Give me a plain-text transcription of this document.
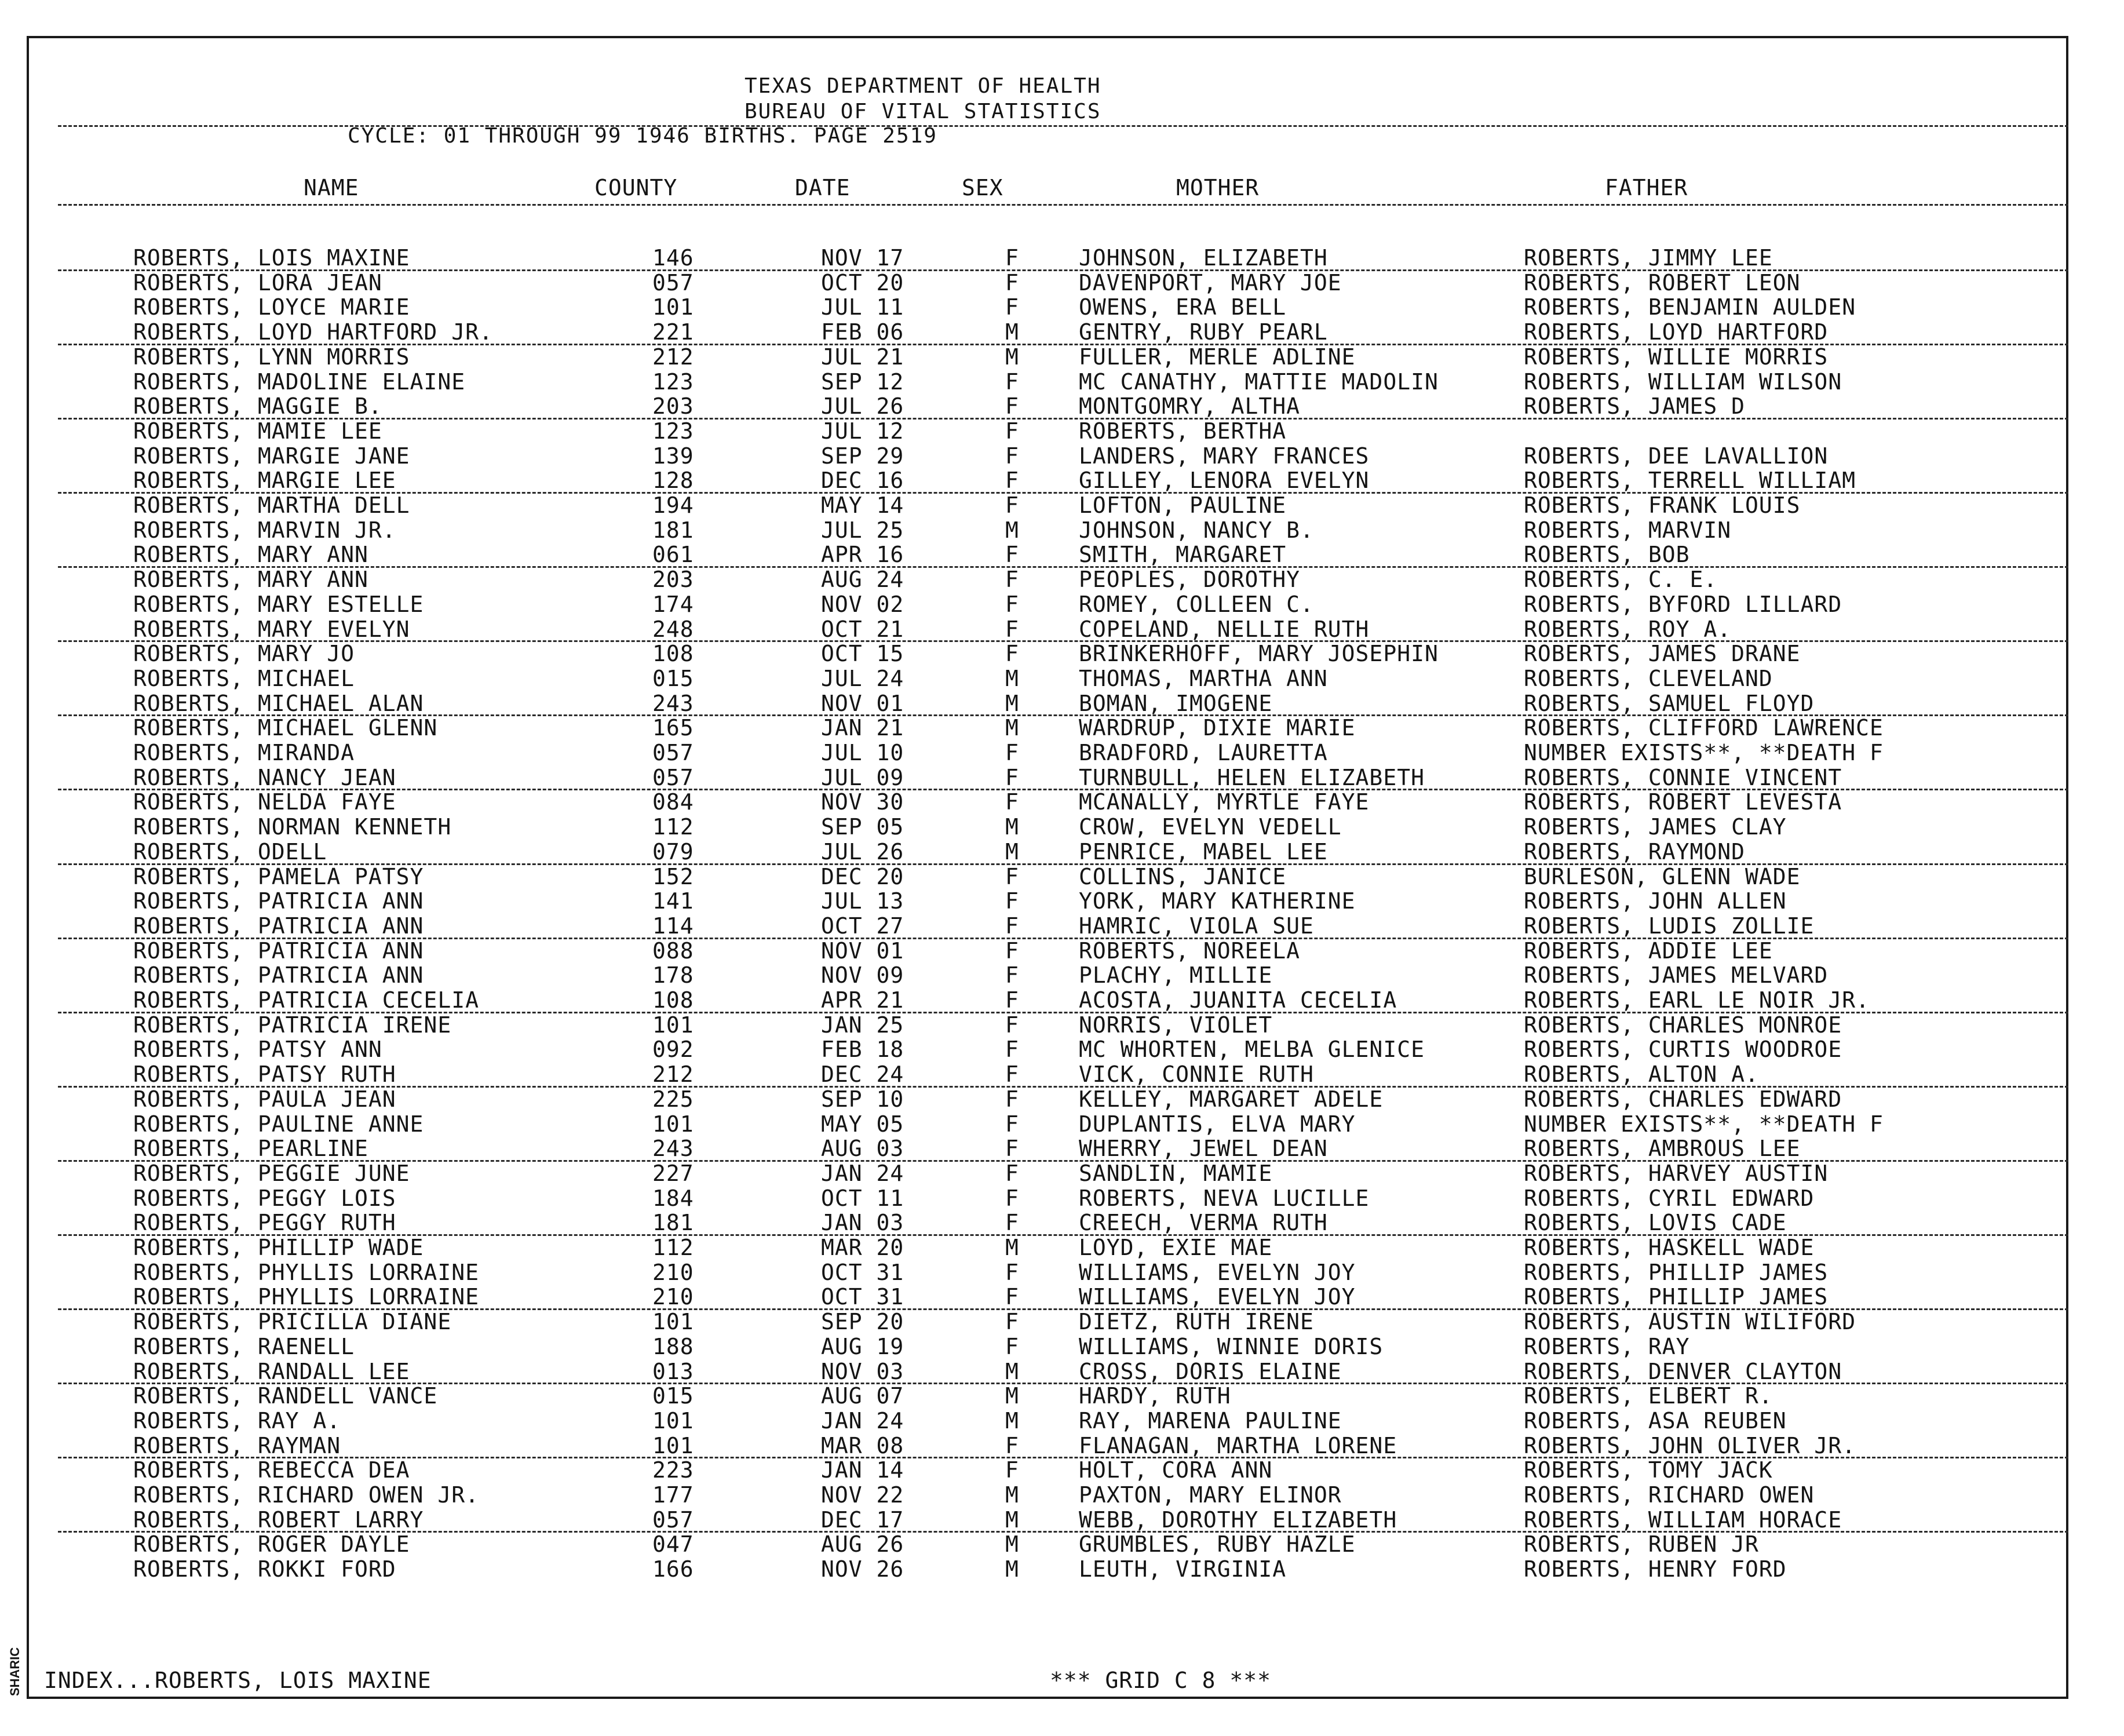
SHARIC
TEXAS DEPARTMENT OF HEALTH
BUREAU OF VITAL STATISTICS
CYCLE: 01 THROUGH 99 1946 BIRTHS. PAGE 2519
NAME	COUNTY	DATE	SEX	MOTHER	FATHER
ROBERTS, LOIS MAXINE	146	NOV 17	F	JOHNSON, ELIZABETH	ROBERTS, JIMMY LEE
ROBERTS, LORA JEAN	057	OCT 20	F	DAVENPORT, MARY JOE	ROBERTS, ROBERT LEON
ROBERTS, LOYCE MARIE	101	JUL 11	F	OWENS, ERA BELL	ROBERTS, BENJAMIN AULDEN
ROBERTS, LOYD HARTFORD JR.	221	FEB 06	M	GENTRY, RUBY PEARL	ROBERTS, LOYD HARTFORD
ROBERTS, LYNN MORRIS	212	JUL 21	M	FULLER, MERLE ADLINE	ROBERTS, WILLIE MORRIS
ROBERTS, MADOLINE ELAINE	123	SEP 12	F	MC CANATHY, MATTIE MADOLIN	ROBERTS, WILLIAM WILSON
ROBERTS, MAGGIE B.	203	JUL 26	F	MONTGOMRY, ALTHA	ROBERTS, JAMES D
ROBERTS, MAMIE LEE	123	JUL 12	F	ROBERTS, BERTHA
ROBERTS, MARGIE JANE	139	SEP 29	F	LANDERS, MARY FRANCES	ROBERTS, DEE LAVALLION
ROBERTS, MARGIE LEE	128	DEC 16	F	GILLEY, LENORA EVELYN	ROBERTS, TERRELL WILLIAM
ROBERTS, MARTHA DELL	194	MAY 14	F	LOFTON, PAULINE	ROBERTS, FRANK LOUIS
ROBERTS, MARVIN JR.	181	JUL 25	M	JOHNSON, NANCY B.	ROBERTS, MARVIN
ROBERTS, MARY ANN	061	APR 16	F	SMITH, MARGARET	ROBERTS, BOB
ROBERTS, MARY ANN	203	AUG 24	F	PEOPLES, DOROTHY	ROBERTS, C. E.
ROBERTS, MARY ESTELLE	174	NOV 02	F	ROMEY, COLLEEN C.	ROBERTS, BYFORD LILLARD
ROBERTS, MARY EVELYN	248	OCT 21	F	COPELAND, NELLIE RUTH	ROBERTS, ROY A.
ROBERTS, MARY JO	108	OCT 15	F	BRINKERHOFF, MARY JOSEPHIN	ROBERTS, JAMES DRANE
ROBERTS, MICHAEL	015	JUL 24	M	THOMAS, MARTHA ANN	ROBERTS, CLEVELAND
ROBERTS, MICHAEL ALAN	243	NOV 01	M	BOMAN, IMOGENE	ROBERTS, SAMUEL FLOYD
ROBERTS, MICHAEL GLENN	165	JAN 21	M	WARDRUP, DIXIE MARIE	ROBERTS, CLIFFORD LAWRENCE
ROBERTS, MIRANDA	057	JUL 10	F	BRADFORD, LAURETTA	NUMBER EXISTS**, **DEATH F
ROBERTS, NANCY JEAN	057	JUL 09	F	TURNBULL, HELEN ELIZABETH	ROBERTS, CONNIE VINCENT
ROBERTS, NELDA FAYE	084	NOV 30	F	MCANALLY, MYRTLE FAYE	ROBERTS, ROBERT LEVESTA
ROBERTS, NORMAN KENNETH	112	SEP 05	M	CROW, EVELYN VEDELL	ROBERTS, JAMES CLAY
ROBERTS, ODELL	079	JUL 26	M	PENRICE, MABEL LEE	ROBERTS, RAYMOND
ROBERTS, PAMELA PATSY	152	DEC 20	F	COLLINS, JANICE	BURLESON, GLENN WADE
ROBERTS, PATRICIA ANN	141	JUL 13	F	YORK, MARY KATHERINE	ROBERTS, JOHN ALLEN
ROBERTS, PATRICIA ANN	114	OCT 27	F	HAMRIC, VIOLA SUE	ROBERTS, LUDIS ZOLLIE
ROBERTS, PATRICIA ANN	088	NOV 01	F	ROBERTS, NOREELA	ROBERTS, ADDIE LEE
ROBERTS, PATRICIA ANN	178	NOV 09	F	PLACHY, MILLIE	ROBERTS, JAMES MELVARD
ROBERTS, PATRICIA CECELIA	108	APR 21	F	ACOSTA, JUANITA CECELIA	ROBERTS, EARL LE NOIR JR.
ROBERTS, PATRICIA IRENE	101	JAN 25	F	NORRIS, VIOLET	ROBERTS, CHARLES MONROE
ROBERTS, PATSY ANN	092	FEB 18	F	MC WHORTEN, MELBA GLENICE	ROBERTS, CURTIS WOODROE
ROBERTS, PATSY RUTH	212	DEC 24	F	VICK, CONNIE RUTH	ROBERTS, ALTON A.
ROBERTS, PAULA JEAN	225	SEP 10	F	KELLEY, MARGARET ADELE	ROBERTS, CHARLES EDWARD
ROBERTS, PAULINE ANNE	101	MAY 05	F	DUPLANTIS, ELVA MARY	NUMBER EXISTS**, **DEATH F
ROBERTS, PEARLINE	243	AUG 03	F	WHERRY, JEWEL DEAN	ROBERTS, AMBROUS LEE
ROBERTS, PEGGIE JUNE	227	JAN 24	F	SANDLIN, MAMIE	ROBERTS, HARVEY AUSTIN
ROBERTS, PEGGY LOIS	184	OCT 11	F	ROBERTS, NEVA LUCILLE	ROBERTS, CYRIL EDWARD
ROBERTS, PEGGY RUTH	181	JAN 03	F	CREECH, VERMA RUTH	ROBERTS, LOVIS CADE
ROBERTS, PHILLIP WADE	112	MAR 20	M	LOYD, EXIE MAE	ROBERTS, HASKELL WADE
ROBERTS, PHYLLIS LORRAINE	210	OCT 31	F	WILLIAMS, EVELYN JOY	ROBERTS, PHILLIP JAMES
ROBERTS, PHYLLIS LORRAINE	210	OCT 31	F	WILLIAMS, EVELYN JOY	ROBERTS, PHILLIP JAMES
ROBERTS, PRICILLA DIANE	101	SEP 20	F	DIETZ, RUTH IRENE	ROBERTS, AUSTIN WILIFORD
ROBERTS, RAENELL	188	AUG 19	F	WILLIAMS, WINNIE DORIS	ROBERTS, RAY
ROBERTS, RANDALL LEE	013	NOV 03	M	CROSS, DORIS ELAINE	ROBERTS, DENVER CLAYTON
ROBERTS, RANDELL VANCE	015	AUG 07	M	HARDY, RUTH	ROBERTS, ELBERT R.
ROBERTS, RAY A.	101	JAN 24	M	RAY, MARENA PAULINE	ROBERTS, ASA REUBEN
ROBERTS, RAYMAN	101	MAR 08	F	FLANAGAN, MARTHA LORENE	ROBERTS, JOHN OLIVER JR.
ROBERTS, REBECCA DEA	223	JAN 14	F	HOLT, CORA ANN	ROBERTS, TOMY JACK
ROBERTS, RICHARD OWEN JR.	177	NOV 22	M	PAXTON, MARY ELINOR	ROBERTS, RICHARD OWEN
ROBERTS, ROBERT LARRY	057	DEC 17	M	WEBB, DOROTHY ELIZABETH	ROBERTS, WILLIAM HORACE
ROBERTS, ROGER DAYLE	047	AUG 26	M	GRUMBLES, RUBY HAZLE	ROBERTS, RUBEN JR
ROBERTS, ROKKI FORD	166	NOV 26	M	LEUTH, VIRGINIA	ROBERTS, HENRY FORD
INDEX...ROBERTS, LOIS MAXINE	*** GRID C 8 ***
